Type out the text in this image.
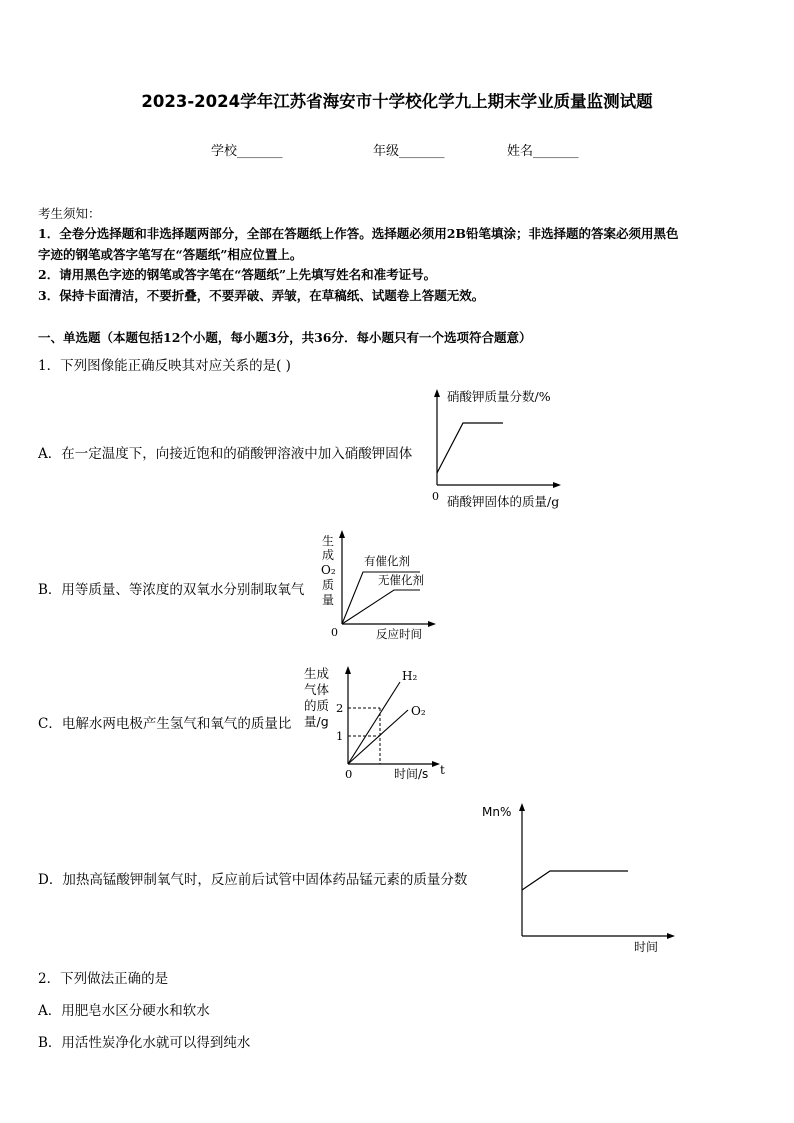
2023-2024学年江苏省海安市十学校化学九上期末学业质量监测试题
学校_______	年级_______	姓名_______
考生须知：
1．全卷分选择题和非选择题两部分，全部在答题纸上作答。选择题必须用2B铅笔填涂；非选择题的答案必须用黑色
字迹的钢笔或答字笔写在“答题纸”相应位置上。
2．请用黑色字迹的钢笔或答字笔在“答题纸”上先填写姓名和准考证号。
3．保持卡面清洁，不要折叠，不要弄破、弄皱，在草稿纸、试题卷上答题无效。
一、单选题（本题包括12个小题，每小题3分，共36分．每小题只有一个选项符合题意）
1．下列图像能正确反映其对应关系的是( )
A．在一定温度下，向接近饱和的硝酸钾溶液中加入硝酸钾固体
硝酸钾质量分数/%
0 硝酸钾固体的质量/g
B．用等质量、等浓度的双氧水分别制取氧气
生
成
O₂
质
量
有催化剂
无催化剂
0	反应时间
C．电解水两电极产生氢气和氧气的质量比
生成
气体
的质
量/g
2
1
H₂
O₂
0	时间/s t
D．加热高锰酸钾制氧气时，反应前后试管中固体药品锰元素的质量分数
Mn%
时间
2．下列做法正确的是
A．用肥皂水区分硬水和软水
B．用活性炭净化水就可以得到纯水
